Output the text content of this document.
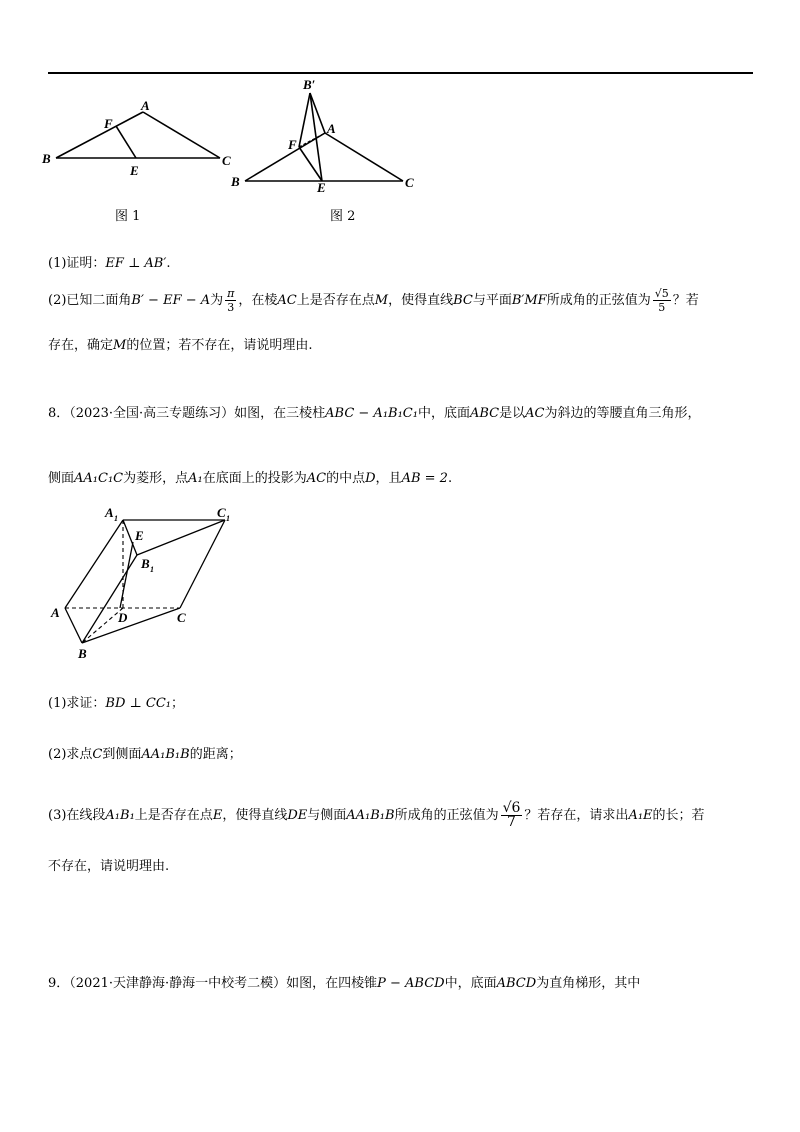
A
B	C
E
F
图 1
B′
A
B	C
E
F
图 2
(1)证明：EF ⊥ AB′.
(2)已知二面角B′ − EF − A为 $\frac{\pi}{3}$ ，在棱AC上是否存在点M，使得直线BC与平面B′MF所成角的正弦值为 $\frac{√5}{5}$ ？若
存在，确定M的位置；若不存在，请说明理由.
8．（2023·全国·高三专题练习）如图，在三棱柱ABC − A₁B₁C₁中，底面ABC是以AC为斜边的等腰直角三角形，
侧面AA₁C₁C为菱形，点A₁在底面上的投影为AC的中点D，且AB = 2.
A 1	C 1
E
B 1
A	D	C
B
(1)求证：BD ⊥ CC₁；
(2)求点C到侧面AA₁B₁B的距离；
(3)在线段A₁B₁上是否存在点E，使得直线DE与侧面AA₁B₁B所成角的正弦值为 $\frac{√6}{7}$ ？若存在，请求出A₁E的长；若
不存在，请说明理由.
9．（2021·天津静海·静海一中校考二模）如图，在四棱锥P − ABCD中，底面ABCD为直角梯形，其中
